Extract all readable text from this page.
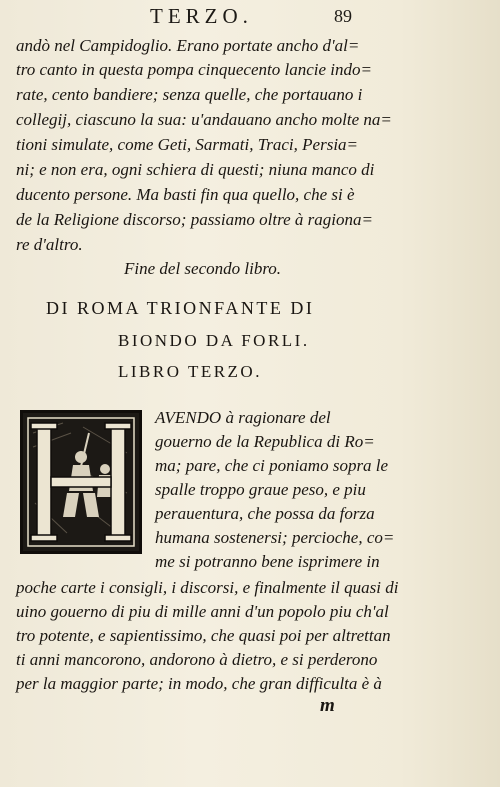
TERZO.	89
andò nel Campidoglio. Erano portate ancho d'al=
tro canto in questa pompa cinquecento lancie indo=
rate, cento bandiere; senza quelle, che portauano i
collegij, ciascuno la sua: u'andauano ancho molte na=
tioni simulate, come Geti, Sarmati, Traci, Persia=
ni; e non era, ogni schiera di questi; niuna manco di
ducento persone. Ma basti fin qua quello, che si è
de la Religione discorso; passiamo oltre à ragiona=
re d'altro.
Fine del secondo libro.
DI ROMA TRIONFANTE DI
BIONDO DA FORLI.
LIBRO TERZO.
AVENDO à ragionare del
gouerno de la Republica di Ro=
ma; pare, che ci poniamo sopra le
spalle troppo graue peso, e piu
perauentura, che possa da forza
humana sostenersi; percioche, co=
me si potranno bene isprimere in
poche carte i consigli, i discorsi, e finalmente il quasi di
uino gouerno di piu di mille anni d'un popolo piu ch'al
tro potente, e sapientissimo, che quasi poi per altrettan
ti anni mancorono, andorono à dietro, e si perderono
per la maggior parte; in modo, che gran difficulta è à
m
